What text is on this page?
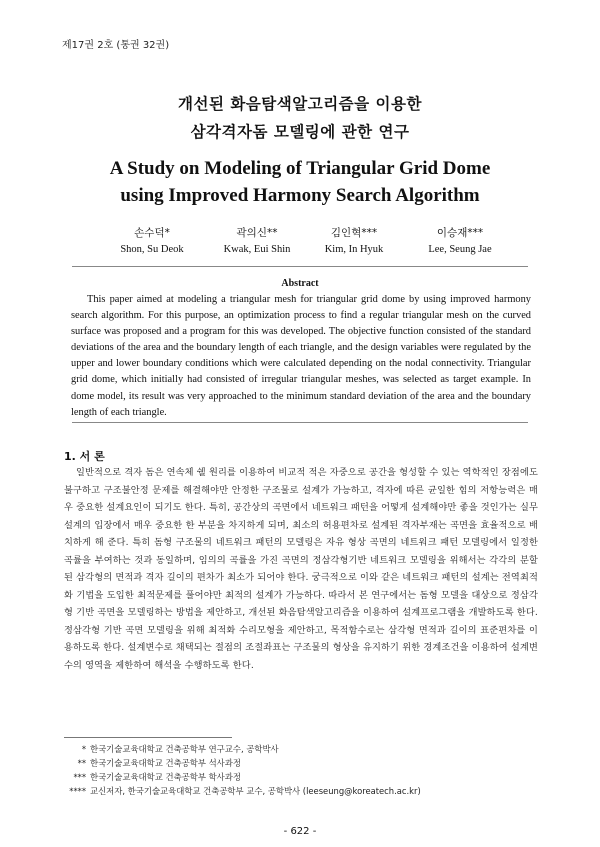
제17권 2호 (통권 32권)
개선된 화음탐색알고리즘을 이용한
삼각격자돔 모델링에 관한 연구
A Study on Modeling of Triangular Grid Dome
using Improved Harmony Search Algorithm
손수덕*
Shon, Su Deok
곽의신**
Kwak, Eui Shin
김인혁***
Kim, In Hyuk
이승재***
Lee, Seung Jae
Abstract

This paper aimed at modeling a triangular mesh for triangular grid dome by using improved harmony search algorithm. For this purpose, an optimization process to find a regular triangular mesh on the curved surface was proposed and a program for this was developed. The objective function consisted of the standard deviations of the area and the boundary length of each triangle, and the design variables were regulated by the upper and lower boundary conditions which were calculated depending on the nodal connectivity. Triangular grid dome, which initially had consisted of irregular triangular meshes, was selected as target example. In dome model, its result was very approached to the minimum standard deviation of the area and the boundary length of each triangle.

1. 서 론

일반적으로 격자 돔은 연속체 쉘 원리를 이용하여 비교적 적은 자중으로 공간을 형성할 수 있는 역학적인 장점에도 불구하고 구조불안정 문제를 해결해야만 안정한 구조물로 설계가 가능하고, 격자에 따른 균일한 힘의 저항능력은 매우 중요한 설계요인이 되기도 한다. 특히, 공간상의 곡면에서 네트워크 패턴을 어떻게 설계해야만 좋을 것인가는 실무 설계의 입장에서 매우 중요한 한 부분을 차지하게 되며, 최소의 허용편차로 설계된 격자부재는 곡면을 효율적으로 배치하게 해 준다. 특히 돔형 구조물의 네트워크 패턴의 모델링은 자유 형상 곡면의 네트워크 패턴 모델링에서 일정한 곡률을 부여하는 것과 동일하며, 임의의 곡률을 가진 곡면의 정삼각형기반 네트워크 모델링을 위해서는 각각의 분할된 삼각형의 면적과 격자 길이의 편차가 최소가 되어야 한다. 궁극적으로 이와 같은 네트워크 패턴의 설계는 전역최적화 기법을 도입한 최적문제를 풀어야만 최적의 설계가 가능하다. 따라서 본 연구에서는 돔형 모델을 대상으로 정삼각형 기반 곡면을 모델링하는 방법을 제안하고, 개선된 화음탐색알고리즘을 이용하여 설계프로그램을 개발하도록 한다. 정삼각형 기반 곡면 모델링을 위해 최적화 수리모형을 제안하고, 목적함수로는 삼각형 면적과 길이의 표준편차를 이용하도록 한다. 설계변수로 채택되는 절점의 조절좌표는 구조물의 형상을 유지하기 위한 경계조건을 이용하여 설계변수의 영역을 제한하여 해석을 수행하도록 한다.

* 한국기술교육대학교 건축공학부 연구교수, 공학박사
** 한국기술교육대학교 건축공학부 석사과정
*** 한국기술교육대학교 건축공학부 학사과정
**** 교신저자, 한국기술교육대학교 건축공학부 교수, 공학박사 (leeseung@koreatech.ac.kr)
- 622 -
